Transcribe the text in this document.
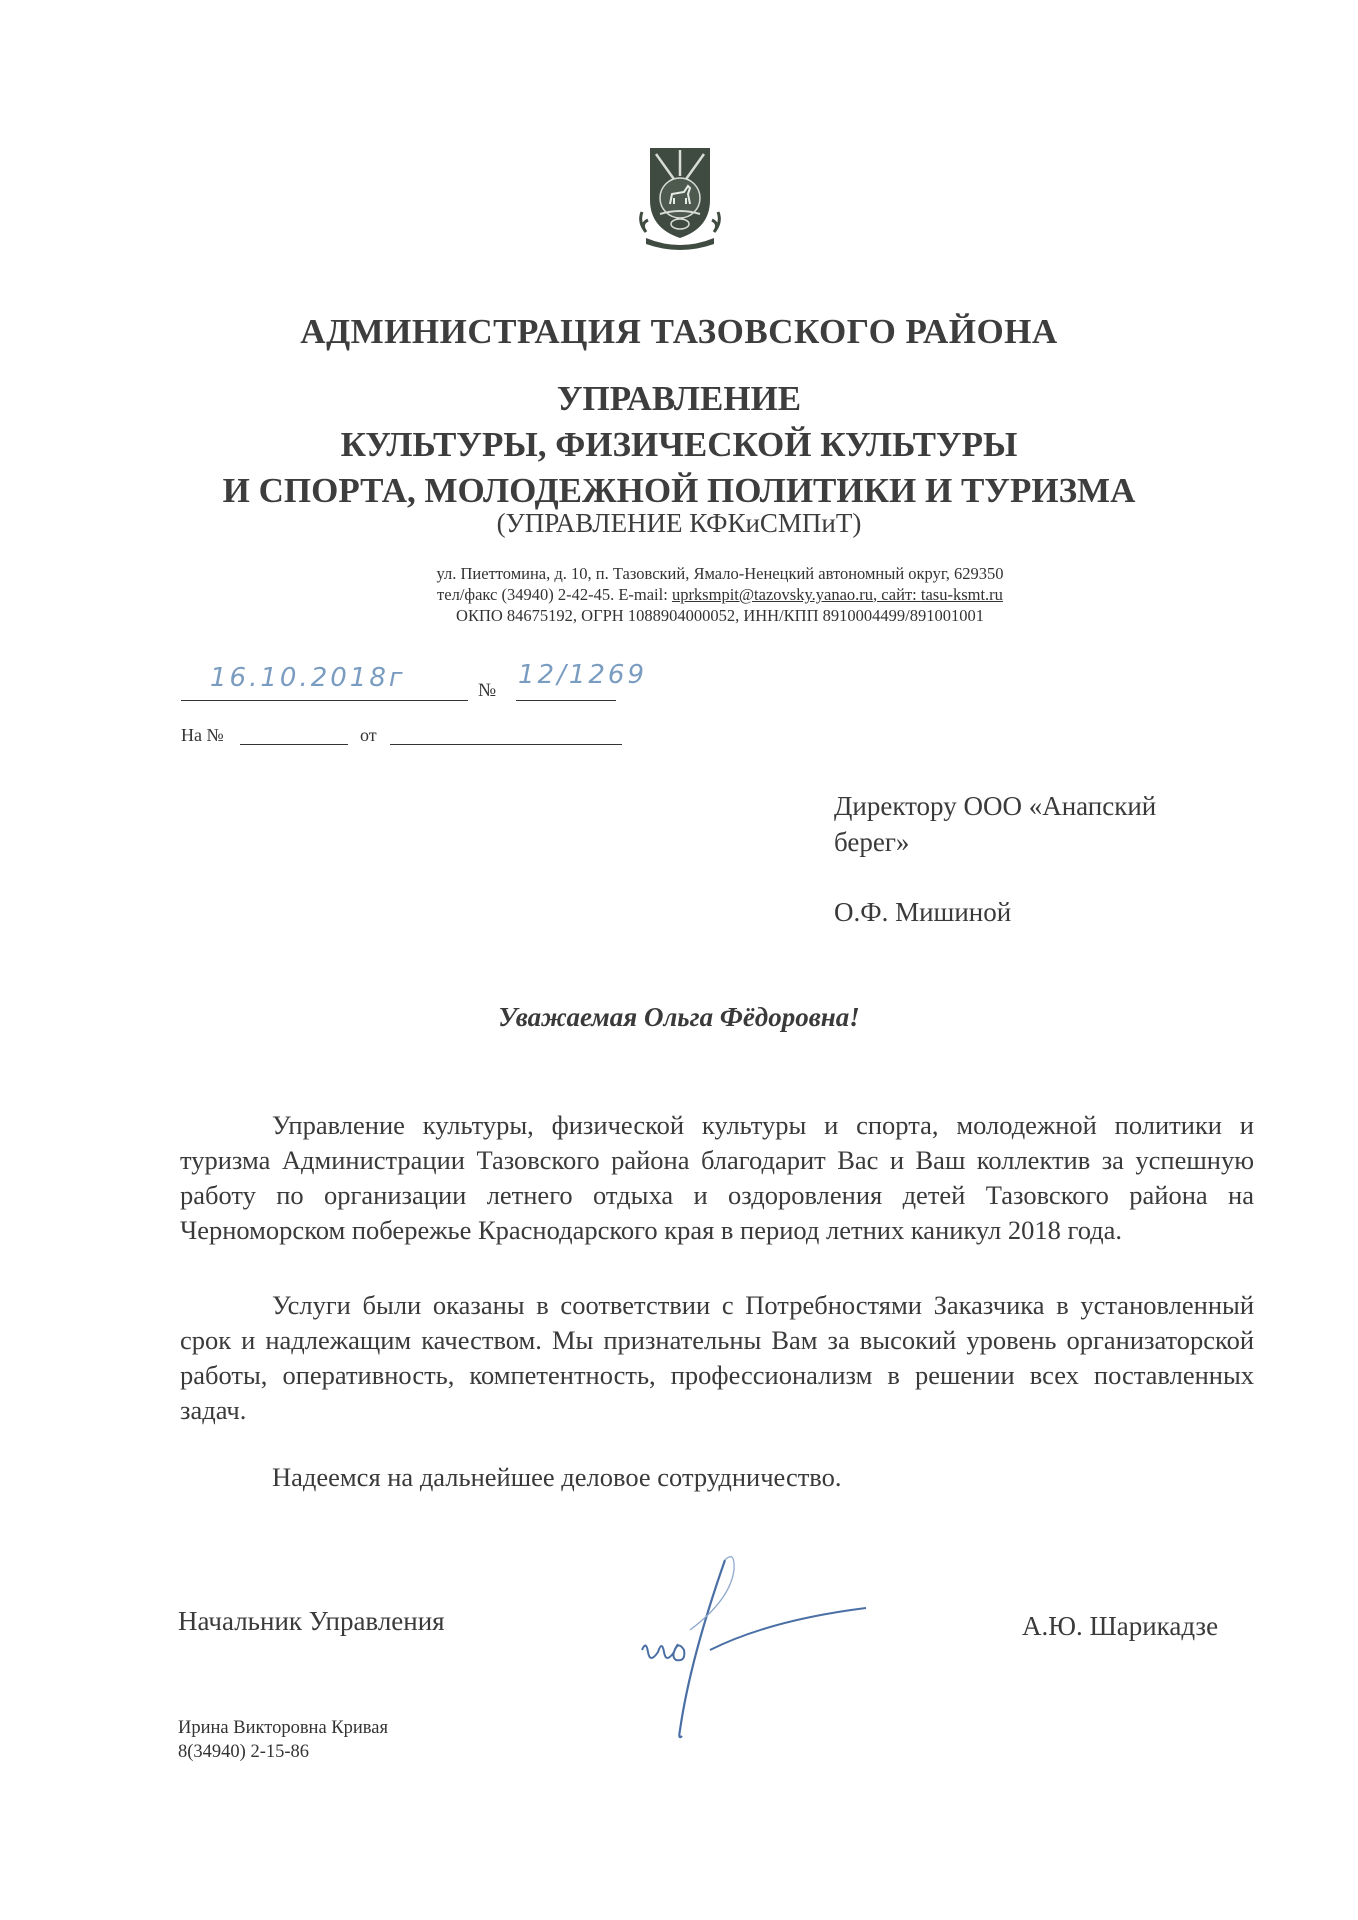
АДМИНИСТРАЦИЯ ТАЗОВСКОГО РАЙОНА
УПРАВЛЕНИЕ
КУЛЬТУРЫ, ФИЗИЧЕСКОЙ КУЛЬТУРЫ
И СПОРТА, МОЛОДЕЖНОЙ ПОЛИТИКИ И ТУРИЗМА
(УПРАВЛЕНИЕ КФКиСМПиТ)
ул. Пиеттомина, д. 10, п. Тазовский, Ямало-Ненецкий автономный округ, 629350
тел/факс (34940) 2-42-45. E-mail: uprksmpit@tazovsky.yanao.ru, сайт: tasu-ksmt.ru
ОКПО 84675192, ОГРН 1088904000052, ИНН/КПП 8910004499/891001001
16.10.2018г	№
12/1269
На №	от
Директору ООО «Анапский
берег»
О.Ф. Мишиной
Уважаемая Ольга Фёдоровна!
Управление культуры, физической культуры и спорта, молодежной политики и туризма Администрации Тазовского района благодарит Вас и Ваш коллектив за успешную работу по организации летнего отдыха и оздоровления детей Тазовского района на Черноморском побережье Краснодарского края в период летних каникул 2018 года.
Услуги были оказаны в соответствии с Потребностями Заказчика в установленный срок и надлежащим качеством. Мы признательны Вам за высокий уровень организаторской работы, оперативность, компетентность, профессионализм в решении всех поставленных задач.
Надеемся на дальнейшее деловое сотрудничество.
Начальник Управления	А.Ю. Шарикадзе
Ирина Викторовна Кривая
8(34940) 2-15-86
